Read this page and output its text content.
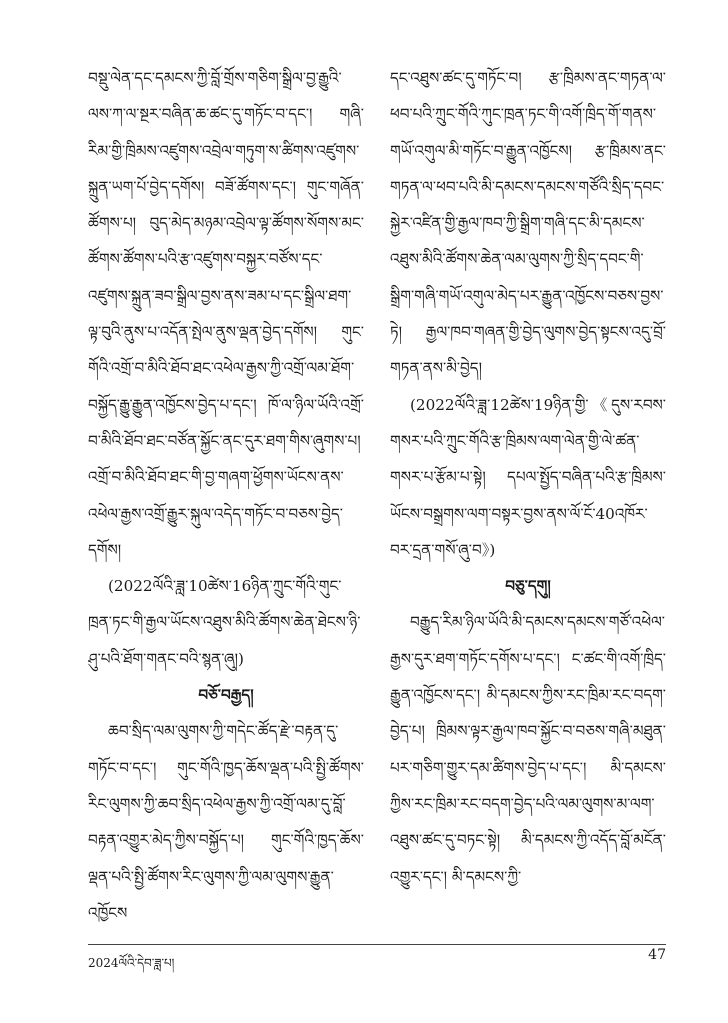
བསྡུ་ལེན་དང་དམངས་ཀྱི་བློ་གྲོས་གཅིག་སྒྲིལ་བྱ་རྒྱུའི་ལས་ཀ་ལ་སྔར་བཞིན་ཆ་ཚང་དུ་གཏོང་བ་དང་། གཞི་རིམ་གྱི་ཁྲིམས་འཛུགས་འབྲེལ་གཏུག་ས་ཚིགས་འཛུགས་སྐྲུན་ཡག་པོ་བྱེད་དགོས། བཟོ་ཚོགས་དང་། གུང་གཞོན་ཚོགས་པ། བུད་མེད་མཉམ་འབྲེལ་ལྟ་ཚོགས་སོགས་མང་ཚོགས་ཚོགས་པའི་རྩ་འཛུགས་བསྐྱར་བཙོས་དང་འཛུགས་སྐྲུན་ཟབ་སྒྲིལ་བྱས་ནས་ཟམ་པ་དང་སྒྲིལ་ཐག་ལྟ་བུའི་ནུས་པ་འདོན་སྤེལ་ནུས་ལྡན་བྱེད་དགོས། གུང་གོའི་འགྲོ་བ་མིའི་ཐོབ་ཐང་འཕེལ་རྒྱས་ཀྱི་འགྲོ་ལམ་ཐོག་བསྐྱོད་རྒྱུ་རྒྱུན་འཁྱོངས་བྱེད་པ་དང་། ཁོ་ལ་ཉིལ་ཡོའི་འགྲོ་བ་མིའི་ཐོབ་ཐང་བཙོན་སྐྱོང་ནང་དུར་ཐག་གིས་ཞུགས་པ། འགྲོ་བ་མིའི་ཐོབ་ཐང་གི་བྱ་གཞག་ཕྱོགས་ཡོངས་ནས་འཕེལ་རྒྱས་འགྲོ་རྒྱུར་སྐུལ་འདེད་གཏོང་བ་བཅས་བྱེད་དགོས།

(2022ལོའི་ཟླ་10ཚེས་16ཉིན་ཀྲུང་གོའི་གུང་ཁྲན་ཏང་གི་རྒྱལ་ཡོངས་འཐུས་མིའི་ཚོགས་ཆེན་ཐེངས་ཉི་ཤུ་པའི་ཐོག་གནང་བའི་སྙན་ཞུ།)

བཅོ་བརྒྱད།

ཆབ་སྲིད་ལམ་ལུགས་ཀྱི་གདེང་ཚོད་རྫེ་བརྟན་དུ་གཏོང་བ་དང་། གུང་གོའི་ཁྱད་ཆོས་ལྡན་པའི་སྤྱི་ཚོགས་རིང་ལུགས་ཀྱི་ཆབ་སྲིད་འཕེལ་རྒྱས་ཀྱི་འགྲོ་ལམ་དུ་བློ་བརྟན་འགྱུར་མེད་ཀྱིས་བསྐྱོད་པ། གུང་གོའི་ཁྱད་ཆོས་ལྡན་པའི་སྤྱི་ཚོགས་རིང་ལུགས་ཀྱི་ལམ་ལུགས་རྒྱུན་འཁྱོངས

དང་འཐུས་ཚང་དུ་གཏོང་བ། རྩ་ཁྲིམས་ནང་གཏན་ལ་ཕབ་པའི་ཀྲུང་གོའི་ཀུང་ཁྲན་ཏང་གི་འགོ་ཁྲིད་གོ་གནས་གཡོ་འགུལ་མི་གཏོང་བ་རྒྱུན་འཁྱོངས། རྩ་ཁྲིམས་ནང་གཏན་ལ་ཕབ་པའི་མི་དམངས་དམངས་གཙོའི་སྲིད་དབང་སྐྱེར་འཛིན་གྱི་རྒྱལ་ཁབ་ཀྱི་སྒྲིག་གཞི་དང་མི་དམངས་འཐུས་མིའི་ཚོགས་ཆེན་ལམ་ལུགས་ཀྱི་སྲིད་དབང་གི་སྒྲིག་གཞི་གཡོ་འགུལ་མེད་པར་རྒྱུན་འཁྱོངས་བཅས་བྱས་ཏེ། རྒྱལ་ཁབ་གཞན་གྱི་བྱེད་ལུགས་བྱེད་སྟངས་འདུ་བྲོ་གཏན་ནས་མི་བྱེད།

(2022ལོའི་ཟླ་12ཚེས་19ཉིན་གྱི་《དུས་རབས་གསར་པའི་ཀྲུང་གོའི་རྩ་ཁྲིམས་ལག་ལེན་གྱི་ལེ་ཚན་གསར་པ་རྩོམ་པ་སྟེ། དཔལ་སྤྱོད་བཞིན་པའི་རྩ་ཁྲིམས་ཡོངས་བསྒྲགས་ལག་བསྟར་བྱས་ནས་ལོ་ངོ་40འཁོར་བར་དྲན་གསོ་ཞུ་བ》)

བཅུ་དགུ།

བརྒྱུད་རིམ་ཉིལ་ཡོའི་མི་དམངས་དམངས་གཙོ་འཕེལ་རྒྱས་དུར་ཐག་གཏོང་དགོས་པ་དང་། ང་ཚང་གི་འགོ་ཁྲིད་རྒྱུན་འཁྱོངས་དང་། མི་དམངས་ཀྱིས་རང་ཁྲིམ་རང་བདག་བྱེད་པ། ཁྲིམས་ལྟར་རྒྱལ་ཁབ་སྐྱོང་བ་བཅས་གཞི་མཐུན་པར་གཅིག་གྱུར་དམ་ཚིགས་བྱེད་པ་དང་། མི་དམངས་ཀྱིས་རང་ཁྲིམ་རང་བདག་བྱེད་པའི་ལམ་ལུགས་མ་ལག་འཐུས་ཚང་དུ་བཏང་སྟེ། མི་དམངས་ཀྱི་འདོད་བློ་མངོན་འགྱུར་དང་། མི་དམངས་ཀྱི་

2024ལོའི་དེབ་ཟླ་པ།	47
